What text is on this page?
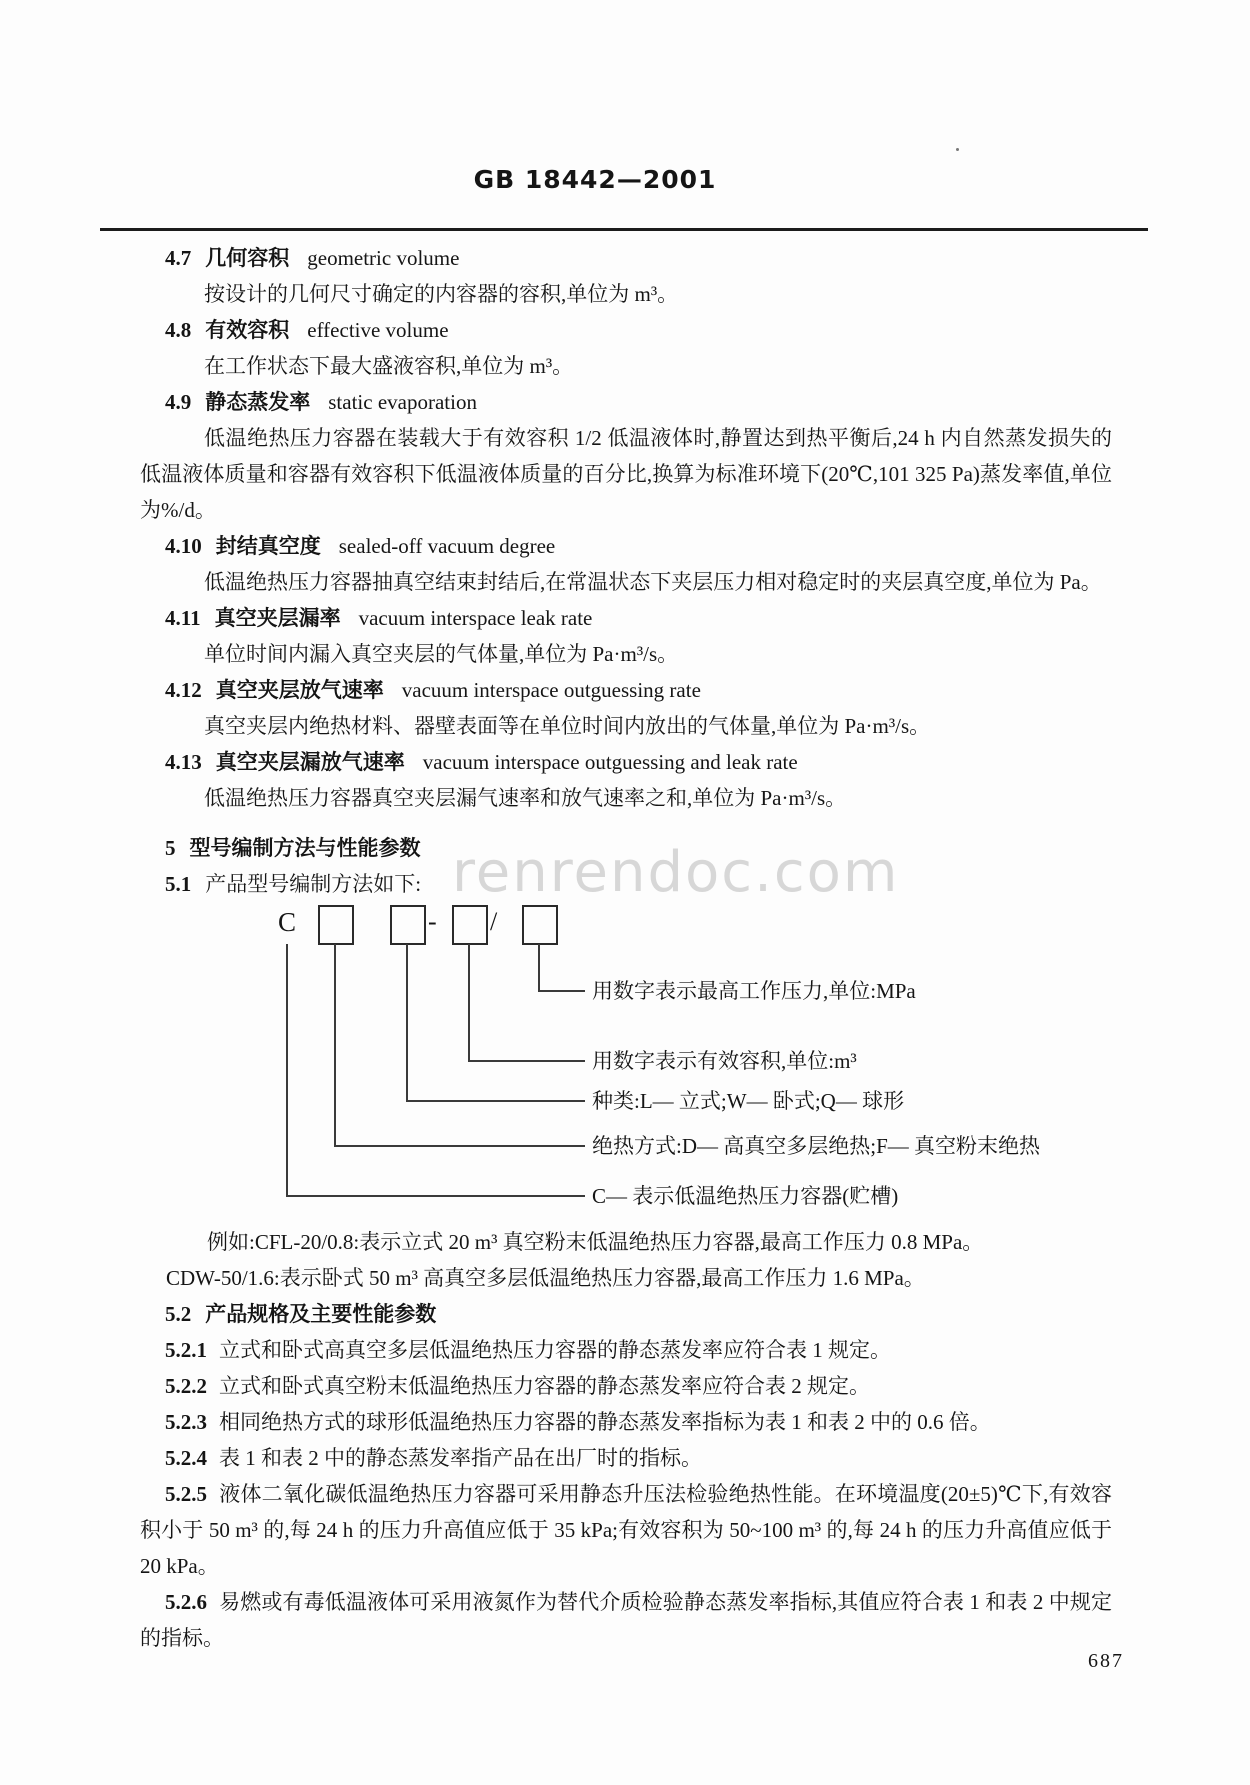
GB 18442—2001
renrendoc.com

4.7 几何容积 geometric volume

按设计的几何尺寸确定的内容器的容积,单位为 m³。

4.8 有效容积 effective volume

在工作状态下最大盛液容积,单位为 m³。

4.9 静态蒸发率 static evaporation

低温绝热压力容器在装载大于有效容积 1/2 低温液体时,静置达到热平衡后,24 h 内自然蒸发损失的低温液体质量和容器有效容积下低温液体质量的百分比,换算为标准环境下(20℃,101 325 Pa)蒸发率值,单位为%/d。

4.10 封结真空度 sealed-off vacuum degree

低温绝热压力容器抽真空结束封结后,在常温状态下夹层压力相对稳定时的夹层真空度,单位为 Pa。

4.11 真空夹层漏率 vacuum interspace leak rate

单位时间内漏入真空夹层的气体量,单位为 Pa·m³/s。

4.12 真空夹层放气速率 vacuum interspace outguessing rate

真空夹层内绝热材料、器壁表面等在单位时间内放出的气体量,单位为 Pa·m³/s。

4.13 真空夹层漏放气速率 vacuum interspace outguessing and leak rate

低温绝热压力容器真空夹层漏气速率和放气速率之和,单位为 Pa·m³/s。

5 型号编制方法与性能参数

5.1 产品型号编制方法如下:

C	- /
用数字表示最高工作压力,单位:MPa
用数字表示有效容积,单位:m³
种类:L— 立式;W— 卧式;Q— 球形
绝热方式:D— 高真空多层绝热;F— 真空粉末绝热
C— 表示低温绝热压力容器(贮槽)

例如:CFL-20/0.8:表示立式 20 m³ 真空粉末低温绝热压力容器,最高工作压力 0.8 MPa。

CDW-50/1.6:表示卧式 50 m³ 高真空多层低温绝热压力容器,最高工作压力 1.6 MPa。

5.2 产品规格及主要性能参数

5.2.1 立式和卧式高真空多层低温绝热压力容器的静态蒸发率应符合表 1 规定。

5.2.2 立式和卧式真空粉末低温绝热压力容器的静态蒸发率应符合表 2 规定。

5.2.3 相同绝热方式的球形低温绝热压力容器的静态蒸发率指标为表 1 和表 2 中的 0.6 倍。

5.2.4 表 1 和表 2 中的静态蒸发率指产品在出厂时的指标。

5.2.5 液体二氧化碳低温绝热压力容器可采用静态升压法检验绝热性能。在环境温度(20±5)℃下,有效容积小于 50 m³ 的,每 24 h 的压力升高值应低于 35 kPa;有效容积为 50~100 m³ 的,每 24 h 的压力升高值应低于 20 kPa。

5.2.6 易燃或有毒低温液体可采用液氮作为替代介质检验静态蒸发率指标,其值应符合表 1 和表 2 中规定的指标。

687
